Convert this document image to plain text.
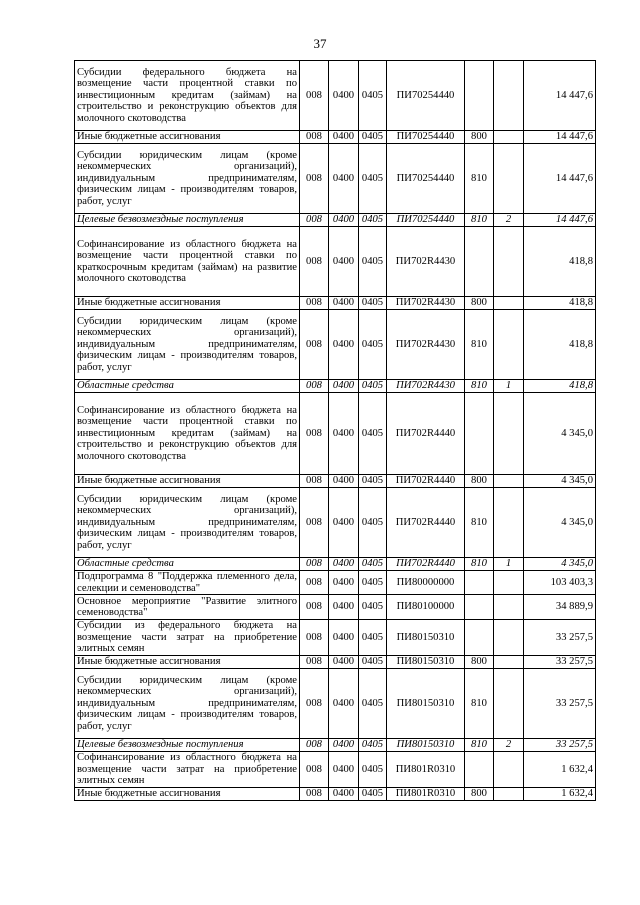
37
Субсидии федерального бюджета на возмещение части процентной ставки по инвестиционным кредитам (займам) на строительство и реконструкцию объектов для молочного скотоводства	008	0400	0405	ПИ70254440			14 447,6
Иные бюджетные ассигнования	008	0400	0405	ПИ70254440	800		14 447,6
Субсидии юридическим лицам (кроме некоммерческих организаций), индивидуальным предпринимателям, физическим лицам - производителям товаров, работ, услуг	008	0400	0405	ПИ70254440	810		14 447,6
Целевые безвозмездные поступления	008	0400	0405	ПИ70254440	810	2	14 447,6
Софинансирование из областного бюджета на возмещение части процентной ставки по краткосрочным кредитам (займам) на развитие молочного скотоводства	008	0400	0405	ПИ702R4430			418,8
Иные бюджетные ассигнования	008	0400	0405	ПИ702R4430	800		418,8
Субсидии юридическим лицам (кроме некоммерческих организаций), индивидуальным предпринимателям, физическим лицам - производителям товаров, работ, услуг	008	0400	0405	ПИ702R4430	810		418,8
Областные средства	008	0400	0405	ПИ702R4430	810	1	418,8
Софинансирование из областного бюджета на возмещение части процентной ставки по инвестиционным кредитам (займам) на строительство и реконструкцию объектов для молочного скотоводства	008	0400	0405	ПИ702R4440			4 345,0
Иные бюджетные ассигнования	008	0400	0405	ПИ702R4440	800		4 345,0
Субсидии юридическим лицам (кроме некоммерческих организаций), индивидуальным предпринимателям, физическим лицам - производителям товаров, работ, услуг	008	0400	0405	ПИ702R4440	810		4 345,0
Областные средства	008	0400	0405	ПИ702R4440	810	1	4 345,0
Подпрограмма 8 "Поддержка племенного дела, селекции и семеноводства"	008	0400	0405	ПИ80000000			103 403,3
Основное мероприятие "Развитие элитного семеноводства"	008	0400	0405	ПИ80100000			34 889,9
Субсидии из федерального бюджета на возмещение части затрат на приобретение элитных семян	008	0400	0405	ПИ80150310			33 257,5
Иные бюджетные ассигнования	008	0400	0405	ПИ80150310	800		33 257,5
Субсидии юридическим лицам (кроме некоммерческих организаций), индивидуальным предпринимателям, физическим лицам - производителям товаров, работ, услуг	008	0400	0405	ПИ80150310	810		33 257,5
Целевые безвозмездные поступления	008	0400	0405	ПИ80150310	810	2	33 257,5
Софинансирование из областного бюджета на возмещение части затрат на приобретение элитных семян	008	0400	0405	ПИ801R0310			1 632,4
Иные бюджетные ассигнования	008	0400	0405	ПИ801R0310	800		1 632,4
